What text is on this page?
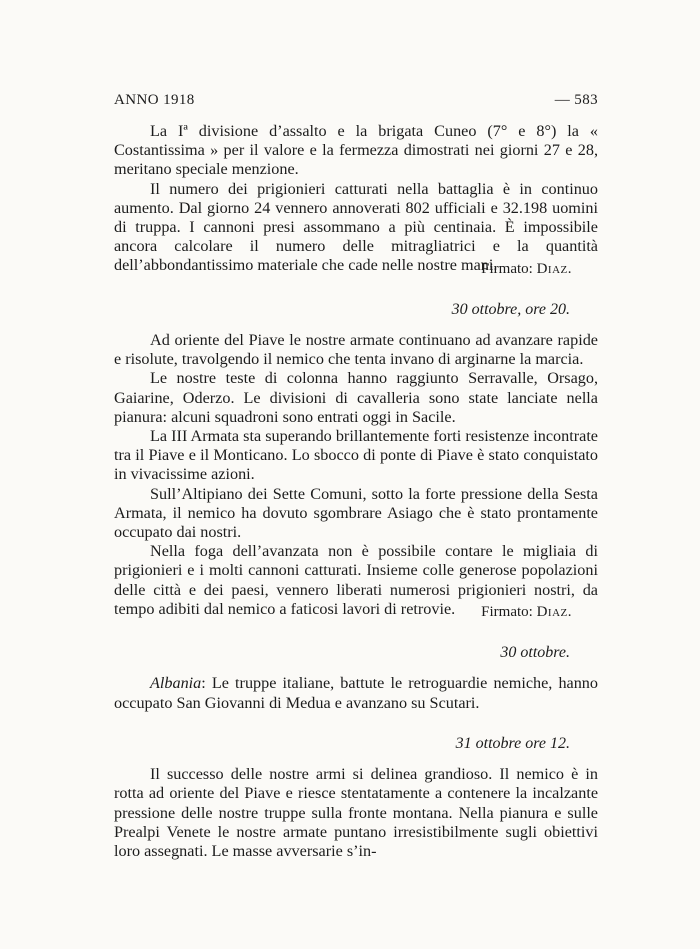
ANNO 1918	— 583

La Iª divisione d’assalto e la brigata Cuneo (7° e 8°) la « Costantissima » per il valore e la fermezza dimostrati nei giorni 27 e 28, meritano speciale menzione.

Il numero dei prigionieri catturati nella battaglia è in continuo aumento. Dal giorno 24 vennero annoverati 802 ufficiali e 32.198 uomini di truppa. I cannoni presi assommano a più centinaia. È impossibile ancora calcolare il numero delle mitragliatrici e la quantità dell’abbondantissimo materiale che cade nelle nostre mani.

Firmato: Diaz.
30 ottobre, ore 20.

Ad oriente del Piave le nostre armate continuano ad avanzare rapide e risolute, travolgendo il nemico che tenta invano di arginarne la marcia.

Le nostre teste di colonna hanno raggiunto Serravalle, Orsago, Gaiarine, Oderzo. Le divisioni di cavalleria sono state lanciate nella pianura: alcuni squadroni sono entrati oggi in Sacile.

La III Armata sta superando brillantemente forti resistenze incontrate tra il Piave e il Monticano. Lo sbocco di ponte di Piave è stato conquistato in vivacissime azioni.

Sull’Altipiano dei Sette Comuni, sotto la forte pressione della Sesta Armata, il nemico ha dovuto sgombrare Asiago che è stato prontamente occupato dai nostri.

Nella foga dell’avanzata non è possibile contare le migliaia di prigionieri e i molti cannoni catturati. Insieme colle generose popolazioni delle città e dei paesi, vennero liberati numerosi prigionieri nostri, da tempo adibiti dal nemico a faticosi lavori di retrovie.	Firmato: Diaz.
30 ottobre.

Albania: Le truppe italiane, battute le retroguardie nemiche, hanno occupato San Giovanni di Medua e avanzano su Scutari.

31 ottobre ore 12.

Il successo delle nostre armi si delinea grandioso. Il nemico è in rotta ad oriente del Piave e riesce stentatamente a contenere la incalzante pressione delle nostre truppe sulla fronte montana. Nella pianura e sulle Prealpi Venete le nostre armate puntano irresistibilmente sugli obiettivi loro assegnati. Le masse avversarie s’in-
